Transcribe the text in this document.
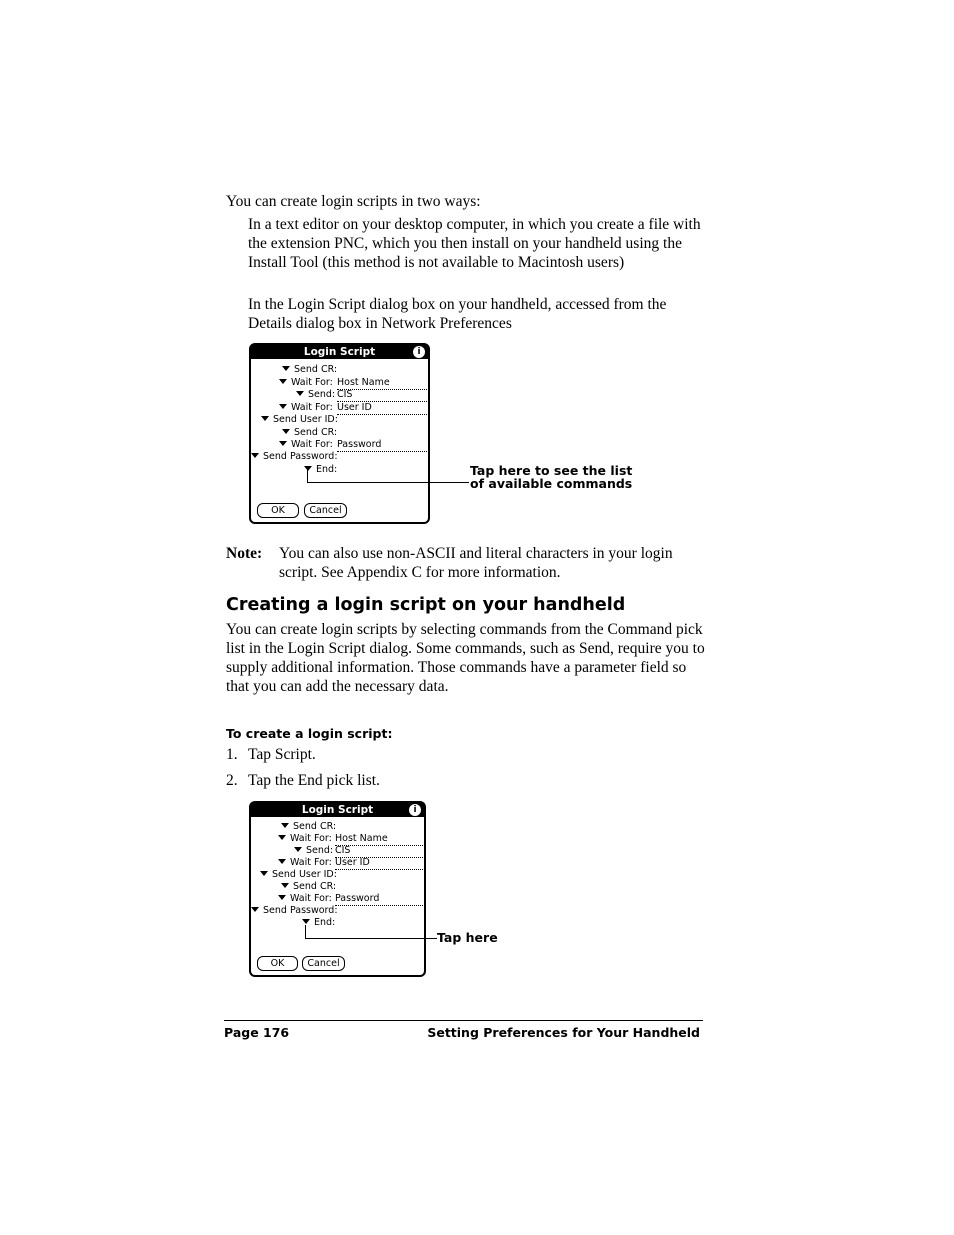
You can create login scripts in two ways:
In a text editor on your desktop computer, in which you create a file with the extension PNC, which you then install on your handheld using the Install Tool (this method is not available to Macintosh users)
In the Login Script dialog box on your handheld, accessed from the Details dialog box in Network Preferences
Login Script	i
Send CR:
Wait For: Host Name
Send: CIS
Wait For: User ID
Send User ID:
Send CR:
Wait For: Password
Send Password:
End:
OK	Cancel
Tap here to see the list
of available commands
Note: You can also use non-ASCII and literal characters in your login script. See Appendix C for more information.
Creating a login script on your handheld
You can create login scripts by selecting commands from the Command pick list in the Login Script dialog. Some commands, such as Send, require you to supply additional information. Those commands have a parameter field so that you can add the necessary data.
To create a login script:
1. Tap Script.
2. Tap the End pick list.
Login Script	i
Send CR:
Wait For: Host Name
Send: CIS
Wait For: User ID
Send User ID:
Send CR:
Wait For: Password
Send Password:
End:
OK	Cancel
Tap here
Page 176	Setting Preferences for Your Handheld
